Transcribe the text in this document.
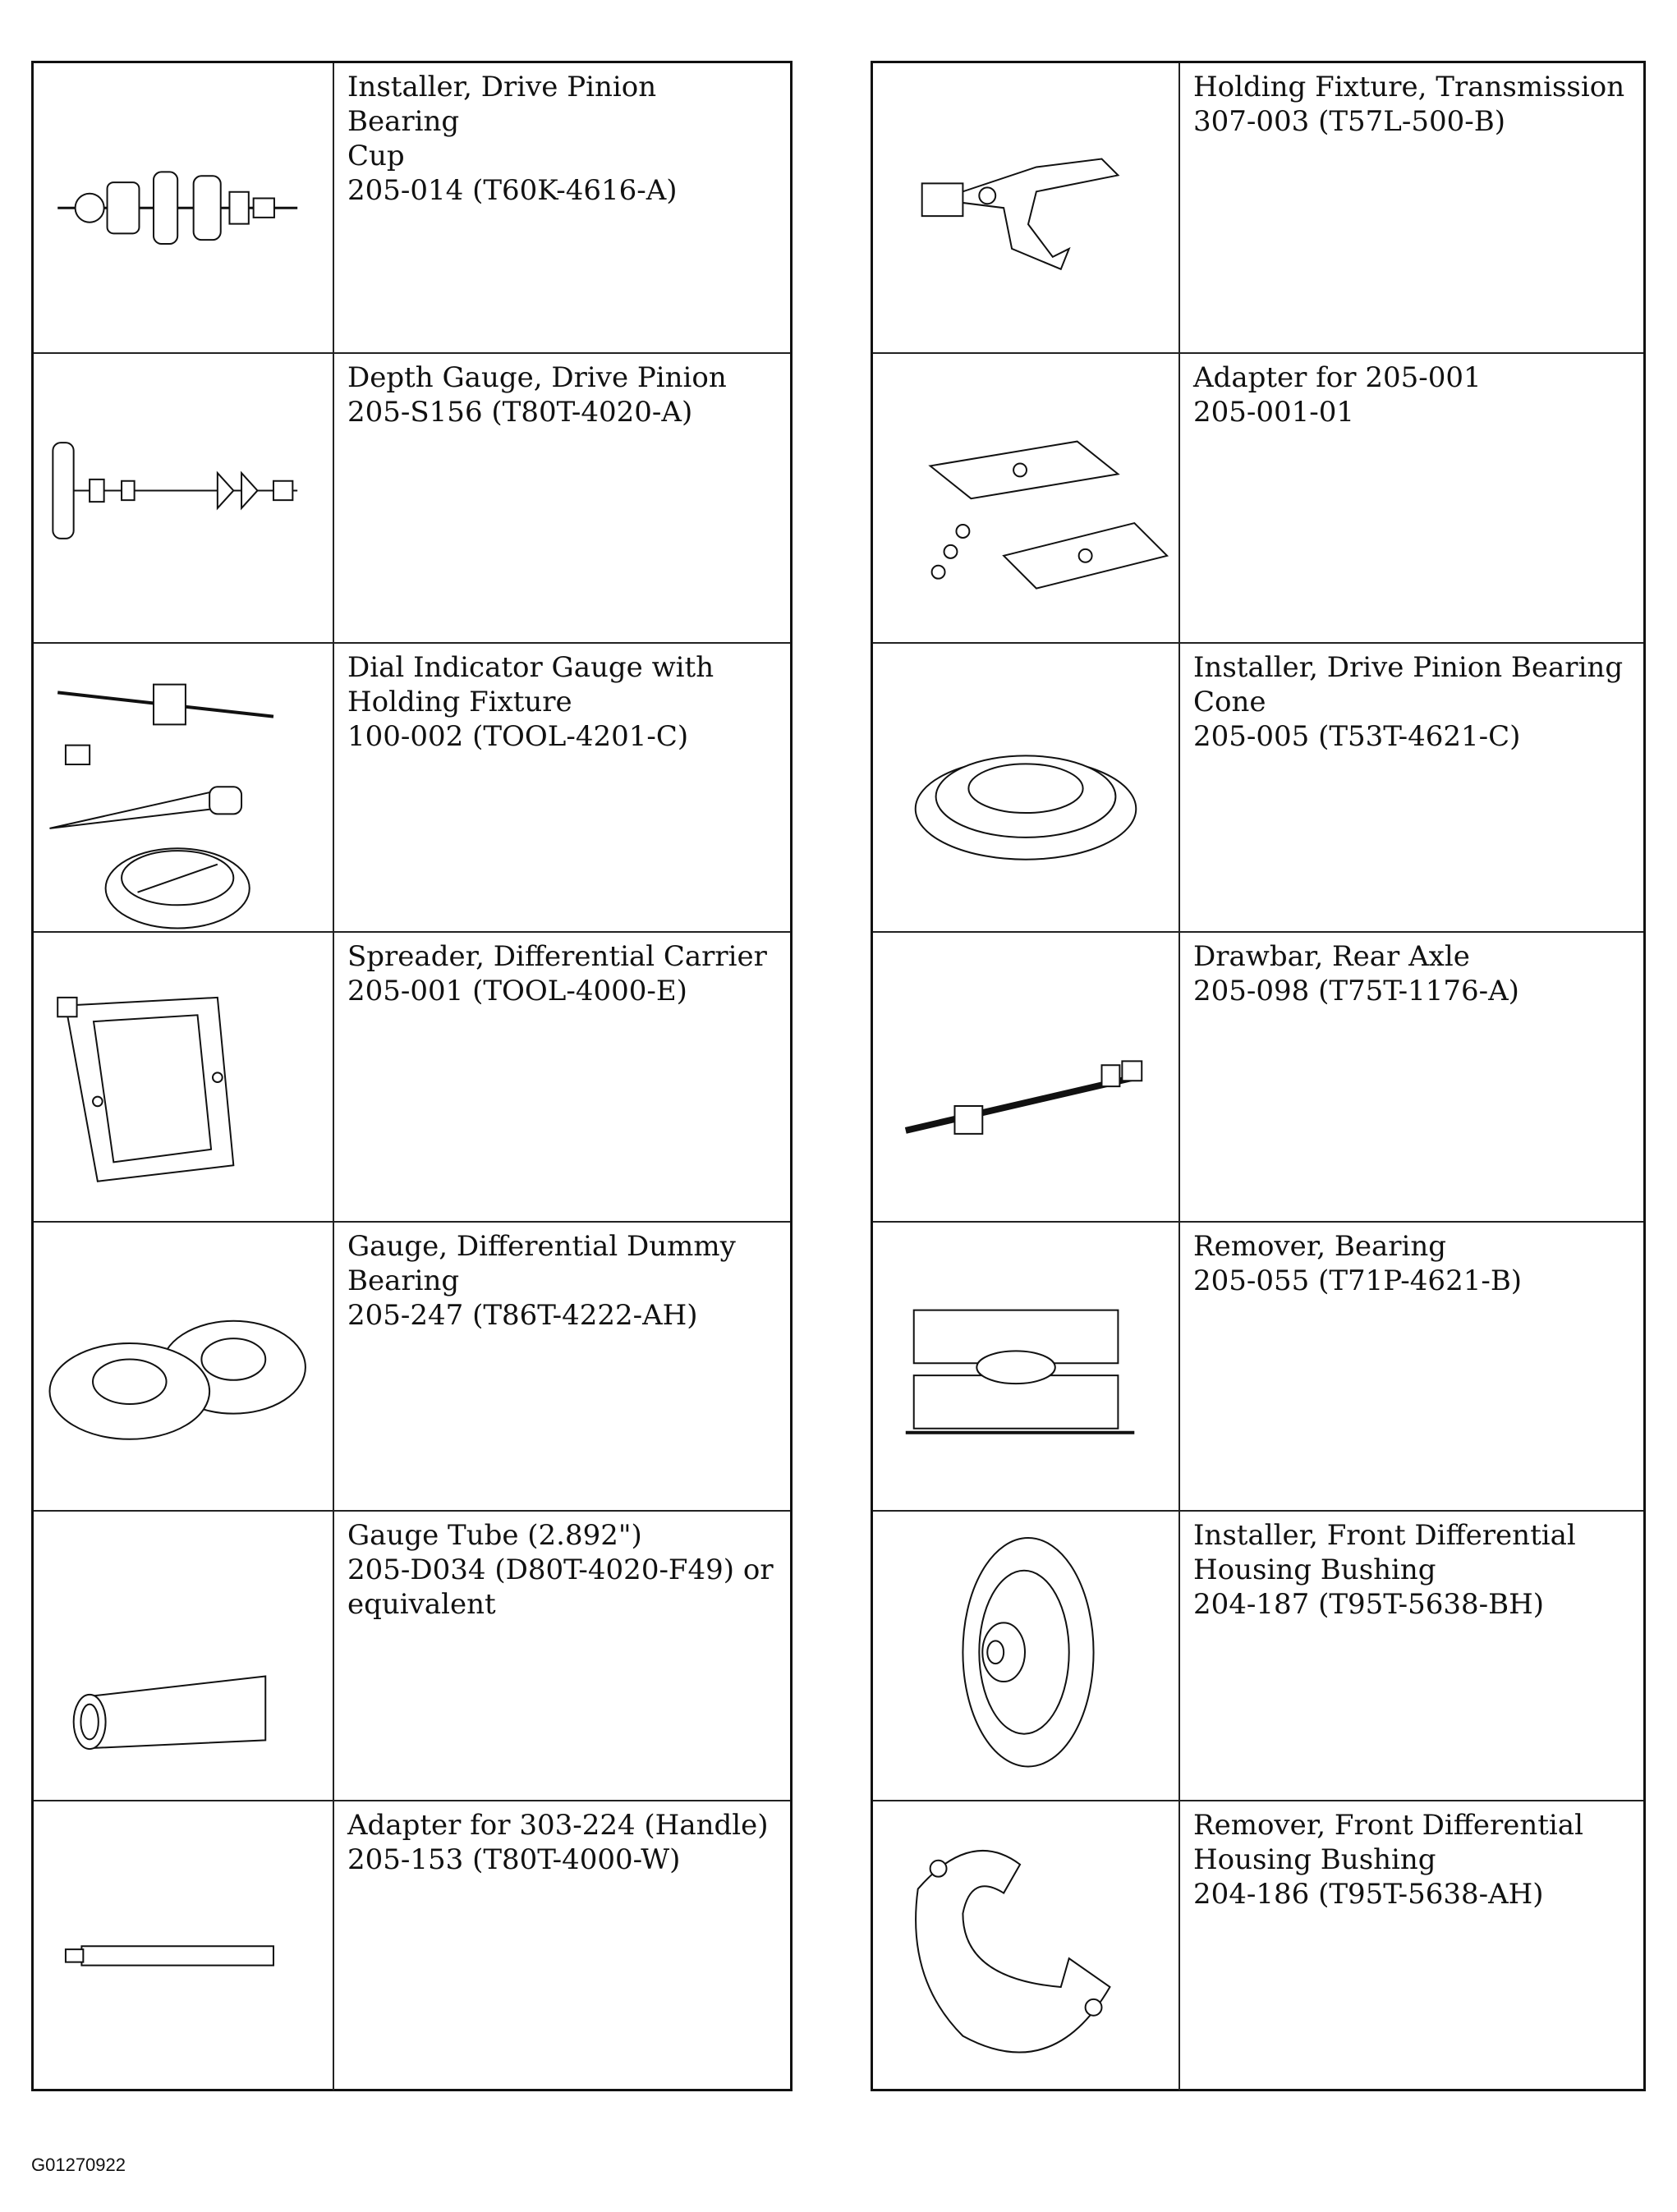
Installer, Drive Pinion Bearing
Cup
205-014 (T60K-4616-A)
Depth Gauge, Drive Pinion
205-S156 (T80T-4020-A)
Dial Indicator Gauge with
Holding Fixture
100-002 (TOOL-4201-C)
Spreader, Differential Carrier
205-001 (TOOL-4000-E)
Gauge, Differential Dummy
Bearing
205-247 (T86T-4222-AH)
Gauge Tube (2.892")
205-D034 (D80T-4020-F49) or
equivalent
Adapter for 303-224 (Handle)
205-153 (T80T-4000-W)
Holding Fixture, Transmission
307-003 (T57L-500-B)
Adapter for 205-001
205-001-01
Installer, Drive Pinion Bearing
Cone
205-005 (T53T-4621-C)
Drawbar, Rear Axle
205-098 (T75T-1176-A)
Remover, Bearing
205-055 (T71P-4621-B)
Installer, Front Differential
Housing Bushing
204-187 (T95T-5638-BH)
Remover, Front Differential
Housing Bushing
204-186 (T95T-5638-AH)
G01270922
